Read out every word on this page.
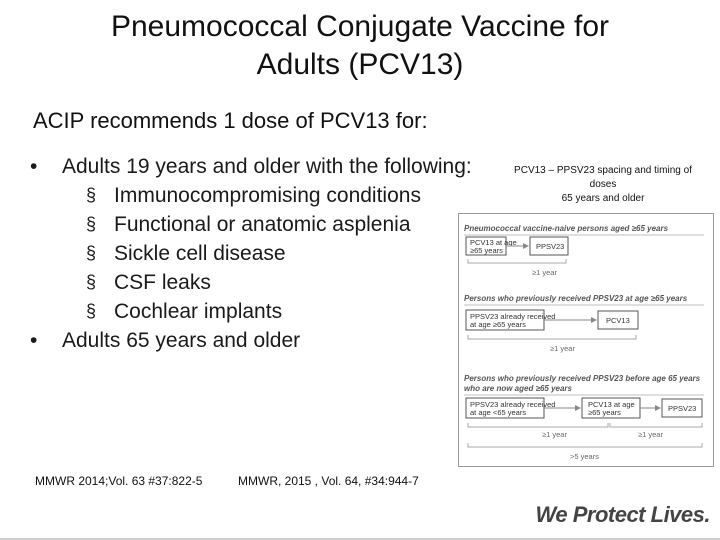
Pneumococcal Conjugate Vaccine for
Adults (PCV13)
ACIP recommends 1 dose of PCV13 for:
• Adults 19 years and older with the following:
§ Immunocompromising conditions
§ Functional or anatomic asplenia
§ Sickle cell disease
§ CSF leaks
§ Cochlear implants
• Adults 65 years and older
PCV13 – PPSV23 spacing and timing of
doses
65 years and older
Pneumococcal vaccine-naive persons aged ≥65 years
PCV13 at age
≥65 years	PPSV23
≥1 year
Persons who previously received PPSV23 at age ≥65 years
PPSV23 already received
at age ≥65 years	PCV13
≥1 year
Persons who previously received PPSV23 before age 65 years
who are now aged ≥65 years
PPSV23 already received
at age <65 years
PCV13 at age
≥65 years	PPSV23
≥1 year	≥1 year
>5 years
MMWR 2014;Vol. 63 #37:822-5	MMWR, 2015 , Vol. 64, #34:944-7
We Protect Lives.
